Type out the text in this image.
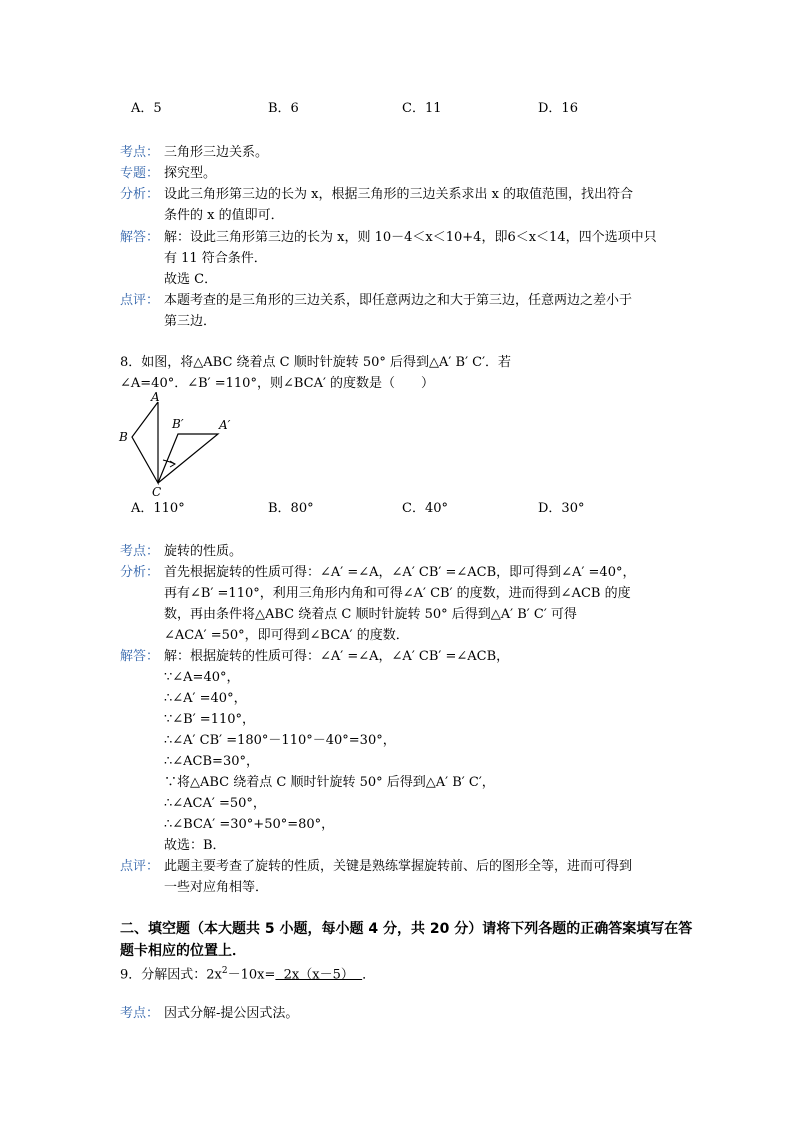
A．5	B．6	C．11	D．16
考点： 三角形三边关系。
专题： 探究型。
分析： 设此三角形第三边的长为 x，根据三角形的三边关系求出 x 的取值范围，找出符合
条件的 x 的值即可．
解答： 解：设此三角形第三边的长为 x，则 10－4＜x＜10+4，即6＜x＜14，四个选项中只
有 11 符合条件．
故选 C．
点评： 本题考查的是三角形的三边关系，即任意两边之和大于第三边，任意两边之差小于
第三边．
8．如图，将△ABC 绕着点 C 顺时针旋转 50° 后得到△A′ B′ C′．若
∠A=40°．∠B′ =110°，则∠BCA′ 的度数是（　　）
A
B
B′	A′
C
A．110°	B．80°	C．40°	D．30°
考点： 旋转的性质。
分析： 首先根据旋转的性质可得：∠A′ =∠A，∠A′ CB′ =∠ACB，即可得到∠A′ =40°，
再有∠B′ =110°，利用三角形内角和可得∠A′ CB′ 的度数，进而得到∠ACB 的度
数，再由条件将△ABC 绕着点 C 顺时针旋转 50° 后得到△A′ B′ C′ 可得
∠ACA′ =50°，即可得到∠BCA′ 的度数．
解答： 解：根据旋转的性质可得：∠A′ =∠A，∠A′ CB′ =∠ACB，
∵∠A=40°，
∴∠A′ =40°，
∵∠B′ =110°，
∴∠A′ CB′ =180°－110°－40°=30°，
∴∠ACB=30°，
∵将△ABC 绕着点 C 顺时针旋转 50° 后得到△A′ B′ C′，
∴∠ACA′ =50°，
∴∠BCA′ =30°+50°=80°，
故选：B．
点评： 此题主要考查了旋转的性质，关键是熟练掌握旋转前、后的图形全等，进而可得到
一些对应角相等．
二、填空题（本大题共 5 小题，每小题 4 分，共 20 分）请将下列各题的正确答案填写在答
题卡相应的位置上．
9．分解因式：$2x^2-10x= 2x(x-5)$  ．
考点： 因式分解-提公因式法。
